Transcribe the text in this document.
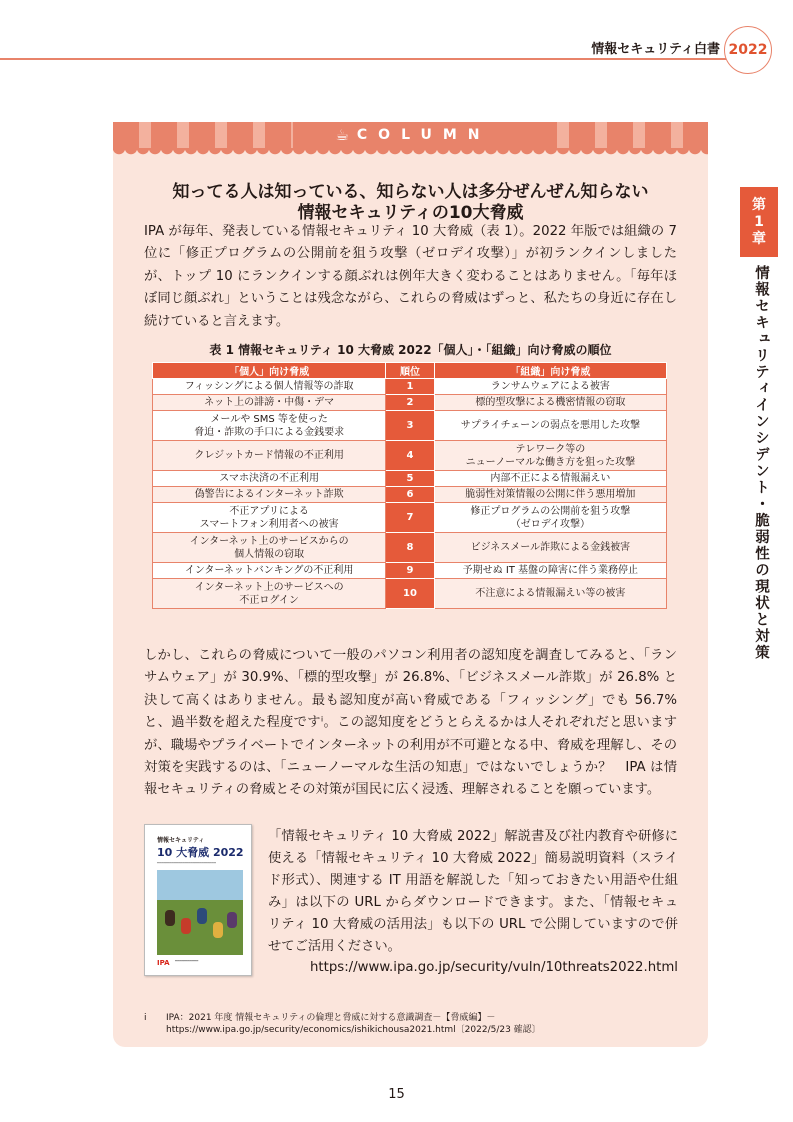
情報セキュリティ白書 2022
第
1
章
情報セキュリティインシデント・脆弱性の現状と対策
☕ COLUMN
知ってる人は知っている、知らない人は多分ぜんぜん知らない
情報セキュリティの10大脅威
IPA が毎年、発表している情報セキュリティ 10 大脅威（表 1）。2022 年版では組織の 7 位に「修正プログラムの公開前を狙う攻撃（ゼロデイ攻撃）」が初ランクインしましたが、トップ 10 にランクインする顔ぶれは例年大きく変わることはありません。「毎年ほぼ同じ顔ぶれ」ということは残念ながら、これらの脅威はずっと、私たちの身近に存在し続けていると言えます。
表 1 情報セキュリティ 10 大脅威 2022「個人」・「組織」向け脅威の順位
「個人」向け脅威	順位	「組織」向け脅威
フィッシングによる個人情報等の詐取	1	ランサムウェアによる被害
ネット上の誹謗・中傷・デマ	2	標的型攻撃による機密情報の窃取
メールや SMS 等を使った
脅迫・詐欺の手口による金銭要求	3	サプライチェーンの弱点を悪用した攻撃
クレジットカード情報の不正利用	4	テレワーク等の
ニューノーマルな働き方を狙った攻撃
スマホ決済の不正利用	5	内部不正による情報漏えい
偽警告によるインターネット詐欺	6	脆弱性対策情報の公開に伴う悪用増加
不正アプリによる
スマートフォン利用者への被害	7	修正プログラムの公開前を狙う攻撃
（ゼロデイ攻撃）
インターネット上のサービスからの
個人情報の窃取	8	ビジネスメール詐欺による金銭被害
インターネットバンキングの不正利用	9	予期せぬ IT 基盤の障害に伴う業務停止
インターネット上のサービスへの
不正ログイン	10	不注意による情報漏えい等の被害
しかし、これらの脅威について一般のパソコン利用者の認知度を調査してみると、「ランサムウェア」が 30.9%、「標的型攻撃」が 26.8%、「ビジネスメール詐欺」が 26.8% と決して高くはありません。最も認知度が高い脅威である「フィッシング」でも 56.7% と、過半数を超えた程度ですⁱ。この認知度をどうとらえるかは人それぞれだと思いますが、職場やプライベートでインターネットの利用が不可避となる中、脅威を理解し、その対策を実践するのは、「ニューノーマルな生活の知恵」ではないでしょうか？　IPA は情報セキュリティの脅威とその対策が国民に広く浸透、理解されることを願っています。
情報セキュリティ
10 大脅威 2022
━━━━━━━━━━━━━━━━━━━━━━━━━━━━
IPA ━━━━━━━━━━━
「情報セキュリティ 10 大脅威 2022」解説書及び社内教育や研修に使える「情報セキュリティ 10 大脅威 2022」簡易説明資料（スライド形式）、関連する IT 用語を解説した「知っておきたい用語や仕組み」は以下の URL からダウンロードできます。また、「情報セキュリティ 10 大脅威の活用法」も以下の URL で公開していますので併せてご活用ください。
https://www.ipa.go.jp/security/vuln/10threats2022.html
i IPA：2021 年度 情報セキュリティの倫理と脅威に対する意識調査－【脅威編】－
https://www.ipa.go.jp/security/economics/ishikichousa2021.html〔2022/5/23 確認〕
15
